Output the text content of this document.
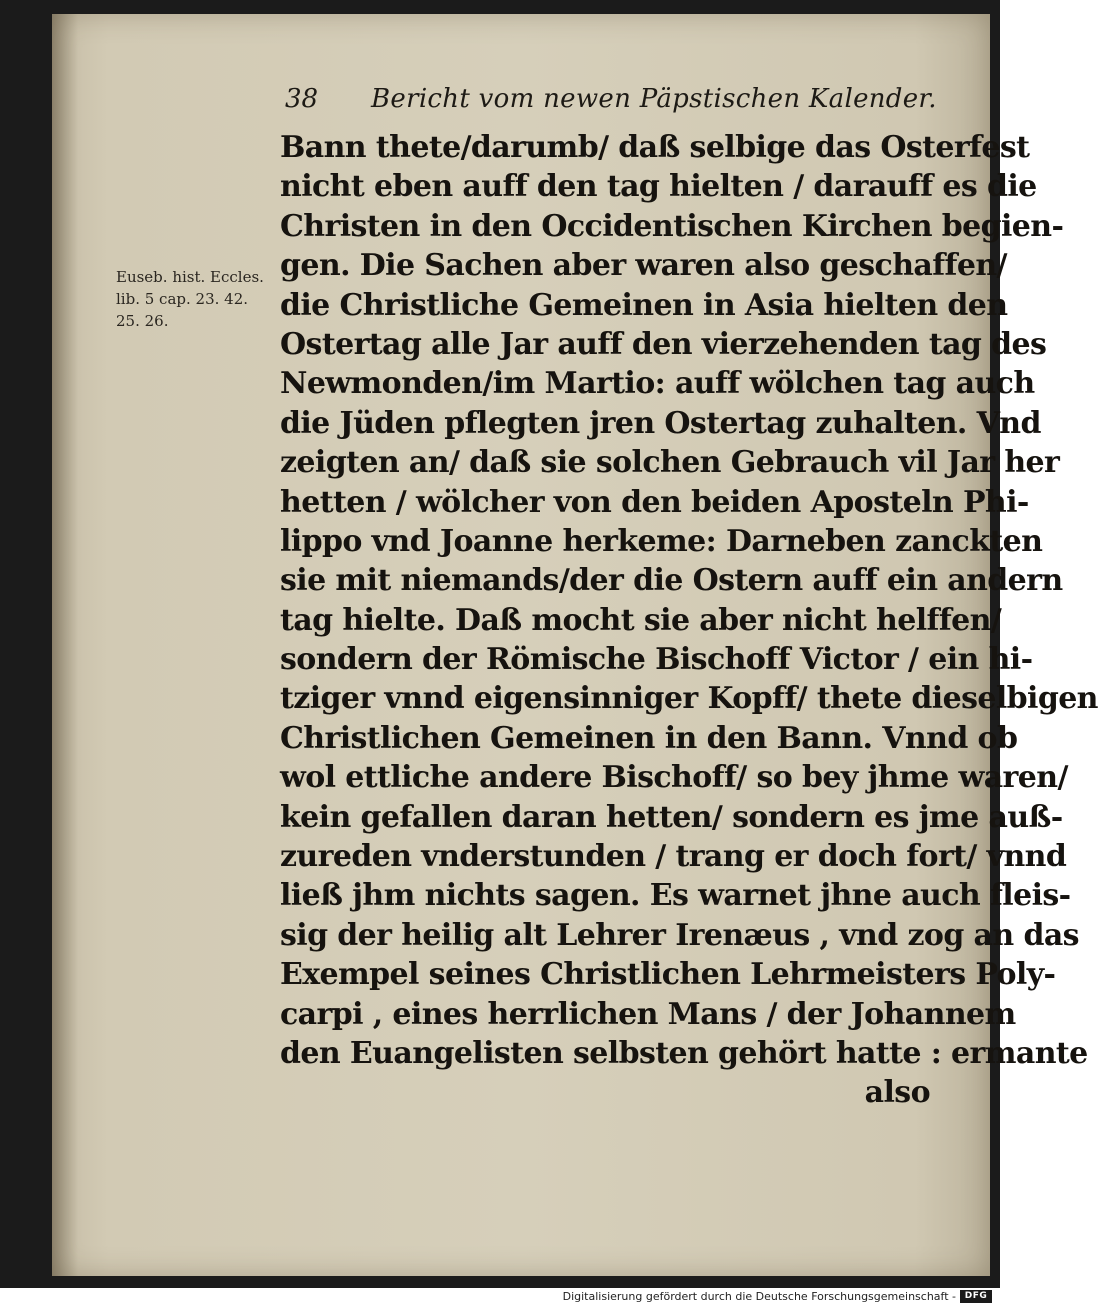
38 Bericht vom newen Päpstischen Kalender.
Euseb. hist. Eccles.
lib. 5 cap. 23. 42.
25. 26.
Bann thete/darumb/ daß selbige das Osterfest
nicht eben auff den tag hielten / darauff es die
Christen in den Occidentischen Kirchen begien-
gen. Die Sachen aber waren also geschaffen/
die Christliche Gemeinen in Asia hielten den
Ostertag alle Jar auff den vierzehenden tag des
Newmonden/im Martio: auff wölchen tag auch
die Jüden pflegten jren Ostertag zuhalten. Vnd
zeigten an/ daß sie solchen Gebrauch vil Jar her
hetten / wölcher von den beiden Aposteln Phi-
lippo vnd Joanne herkeme: Darneben zanckten
sie mit niemands/der die Ostern auff ein andern
tag hielte. Daß mocht sie aber nicht helffen/
sondern der Römische Bischoff Victor / ein hi-
tziger vnnd eigensinniger Kopff/ thete dieselbigen
Christlichen Gemeinen in den Bann. Vnnd ob
wol ettliche andere Bischoff/ so bey jhme waren/
kein gefallen daran hetten/ sondern es jme auß-
zureden vnderstunden / trang er doch fort/ vnnd
ließ jhm nichts sagen. Es warnet jhne auch fleis-
sig der heilig alt Lehrer Irenæus , vnd zog an das
Exempel seines Christlichen Lehrmeisters Poly-
carpi , eines herrlichen Mans / der Johannem
den Euangelisten selbsten gehört hatte : ermante
also
Digitalisierung gefördert durch die Deutsche Forschungsgemeinschaft - DFG
